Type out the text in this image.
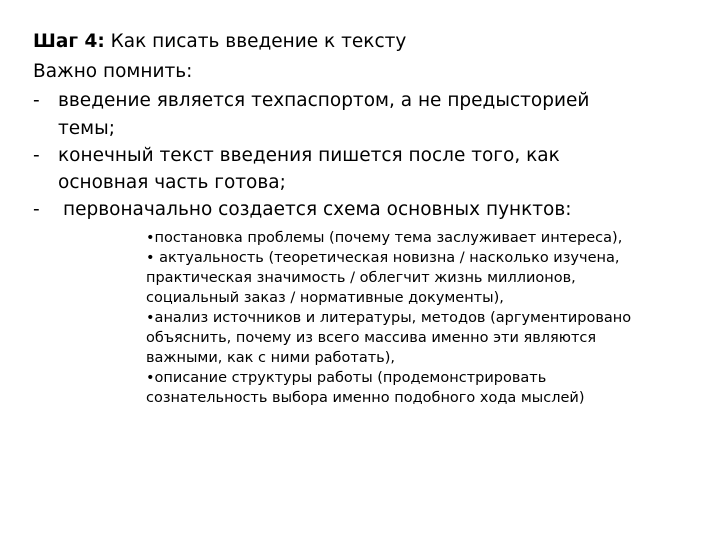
Шаг 4: Как писать введение к тексту
Важно помнить:
- введение является техпаспортом, а не предысторией
темы;
- конечный текст введения пишется после того, как
основная часть готова;
-	первоначально создается схема основных пунктов:
•постановка проблемы (почему тема заслуживает интереса),
• актуальность (теоретическая новизна / насколько изучена,
практическая значимость / облегчит жизнь миллионов,
социальный заказ / нормативные документы),
•анализ источников и литературы, методов (аргументировано
объяснить, почему из всего массива именно эти являются
важными, как с ними работать),
•описание структуры работы (продемонстрировать
сознательность выбора именно подобного хода мыслей)
